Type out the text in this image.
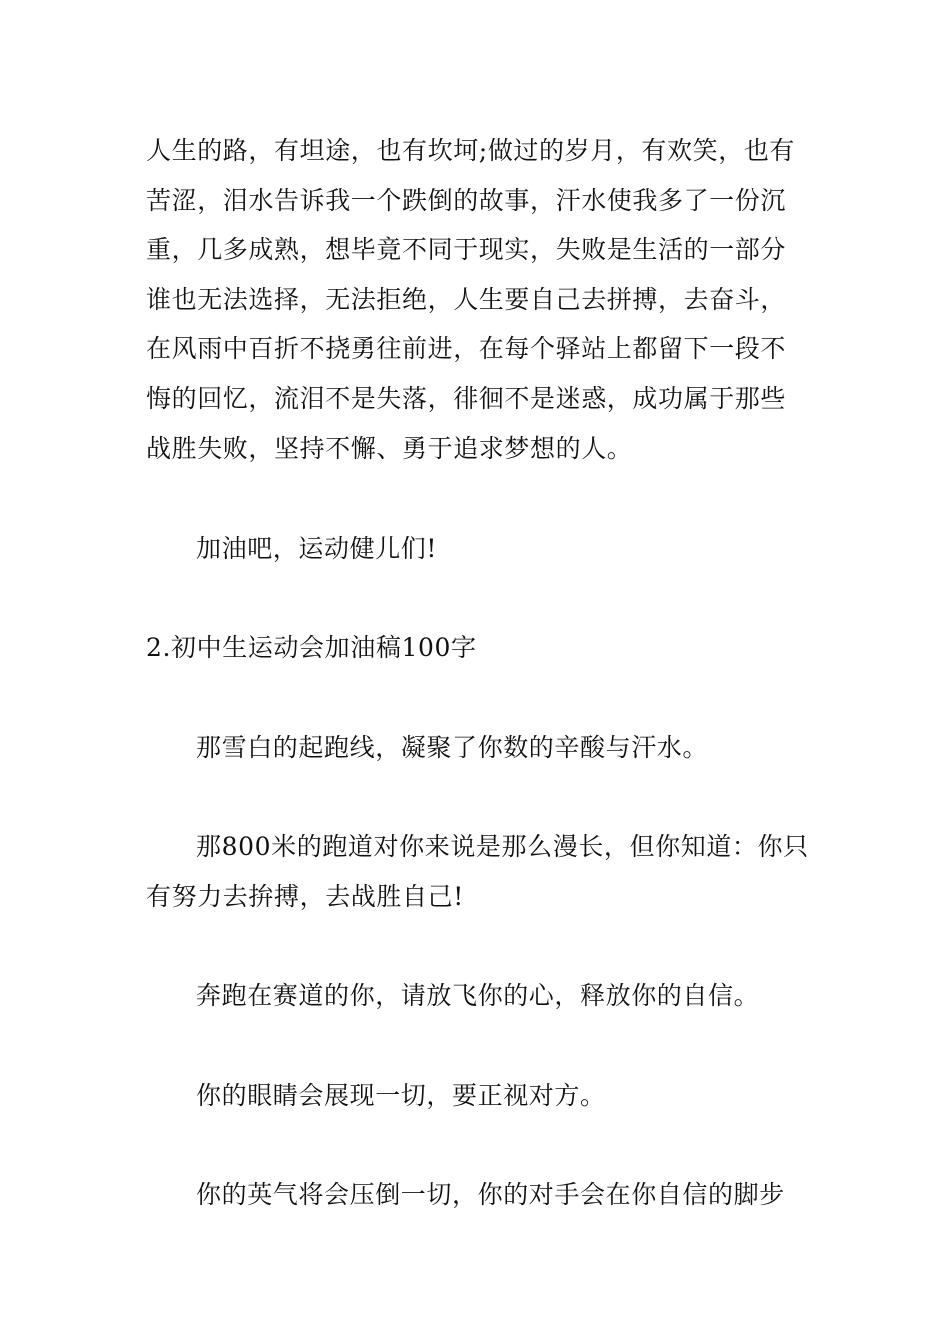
人生的路，有坦途，也有坎坷;做过的岁月，有欢笑，也有
苦涩，泪水告诉我一个跌倒的故事，汗水使我多了一份沉
重，几多成熟，想毕竟不同于现实，失败是生活的一部分
谁也无法选择，无法拒绝，人生要自己去拼搏，去奋斗，
在风雨中百折不挠勇往前进，在每个驿站上都留下一段不
悔的回忆，流泪不是失落，徘徊不是迷惑，成功属于那些
战胜失败，坚持不懈、勇于追求梦想的人。
加油吧，运动健儿们!
2.初中生运动会加油稿100字
那雪白的起跑线，凝聚了你数的辛酸与汗水。
那800米的跑道对你来说是那么漫长，但你知道：你只
有努力去拚搏，去战胜自己!
奔跑在赛道的你，请放飞你的心，释放你的自信。
你的眼睛会展现一切，要正视对方。
你的英气将会压倒一切，你的对手会在你自信的脚步
